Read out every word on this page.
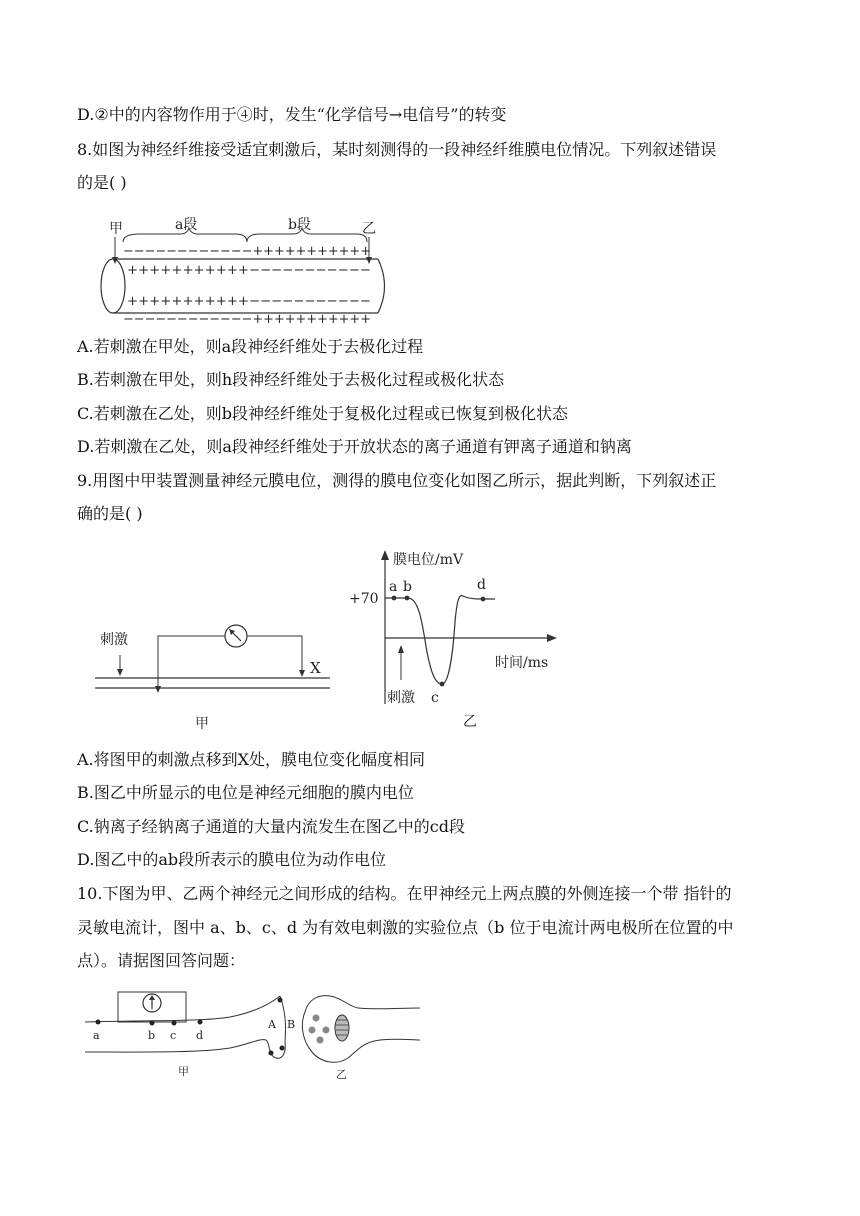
D.②中的内容物作用于④时，发生“化学信号→电信号”的转变
8.如图为神经纤维接受适宜刺激后，某时刻测得的一段神经纤维膜电位情况。下列叙述错误
的是( )
甲	a段	b段	乙
−−−−−−−−−−−−+++++++++++
+++++++++++−−−−−−−−−−−
+++++++++++−−−−−−−−−−−
−−−−−−−−−−−−+++++++++++
A.若刺激在甲处，则a段神经纤维处于去极化过程
B.若刺激在甲处，则h段神经纤维处于去极化过程或极化状态
C.若刺激在乙处，则b段神经纤维处于复极化过程或已恢复到极化状态
D.若刺激在乙处，则a段神经纤维处于开放状态的离子通道有钾离子通道和钠离
9.用图中甲装置测量神经元膜电位，测得的膜电位变化如图乙所示，据此判断，下列叙述正
确的是( )
刺激
X
甲
膜电位/mV
时间/ms
+70
a b
c
d
刺激
乙
A.将图甲的刺激点移到X处，膜电位变化幅度相同
B.图乙中所显示的电位是神经元细胞的膜内电位
C.钠离子经钠离子通道的大量内流发生在图乙中的cd段
D.图乙中的ab段所表示的膜电位为动作电位
10.下图为甲、乙两个神经元之间形成的结构。在甲神经元上两点膜的外侧连接一个带 指针的
灵敏电流计，图中 a、b、c、d 为有效电刺激的实验位点（b 位于电流计两电极所在位置的中
点）。请据图回答问题：
a	b c d
A B
甲	乙
